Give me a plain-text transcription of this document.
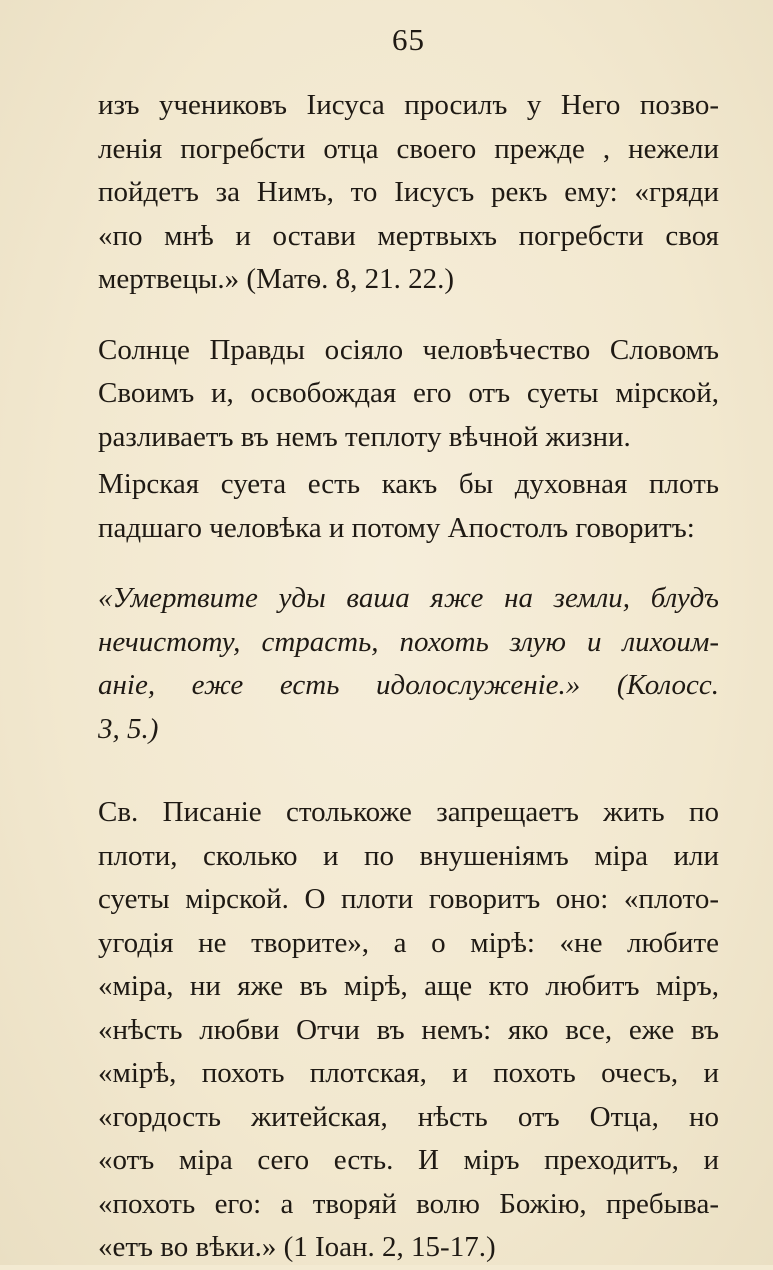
65
изъ учениковъ Іисуса просилъ у Него позво-
ленія погребсти отца своего прежде , нежели
пойдетъ за Нимъ, то Іисусъ рекъ ему: «гряди
«по мнѣ и остави мертвыхъ погребсти своя
мертвецы.» (Матѳ. 8, 21. 22.)
Солнце Правды осіяло человѣчество Словомъ
Своимъ и, освобождая его отъ суеты мірской,
разливаетъ въ немъ теплоту вѣчной жизни.
Мірская суета есть какъ бы духовная плоть
падшаго человѣка и потому Апостолъ говоритъ:
«Умертвите уды ваша яже на земли, блудъ
нечистоту, страсть, похоть злую и лихоим-
аніе, еже есть идолослуженіе.» (Колосс.
3, 5.)
Св. Писаніе столькоже запрещаетъ жить по
плоти, сколько и по внушеніямъ міра или
суеты мірской. О плоти говоритъ оно: «плото-
угодія не творите», а о мірѣ: «не любите
«міра, ни яже въ мірѣ, аще кто любитъ міръ,
«нѣсть любви Отчи въ немъ: яко все, еже въ
«мірѣ, похоть плотская, и похоть очесъ, и
«гордость житейская, нѣсть отъ Отца, но
«отъ міра сего есть. И міръ преходитъ, и
«похоть его: а творяй волю Божію, пребыва-
«етъ во вѣки.» (1 Іоан. 2, 15-17.)
